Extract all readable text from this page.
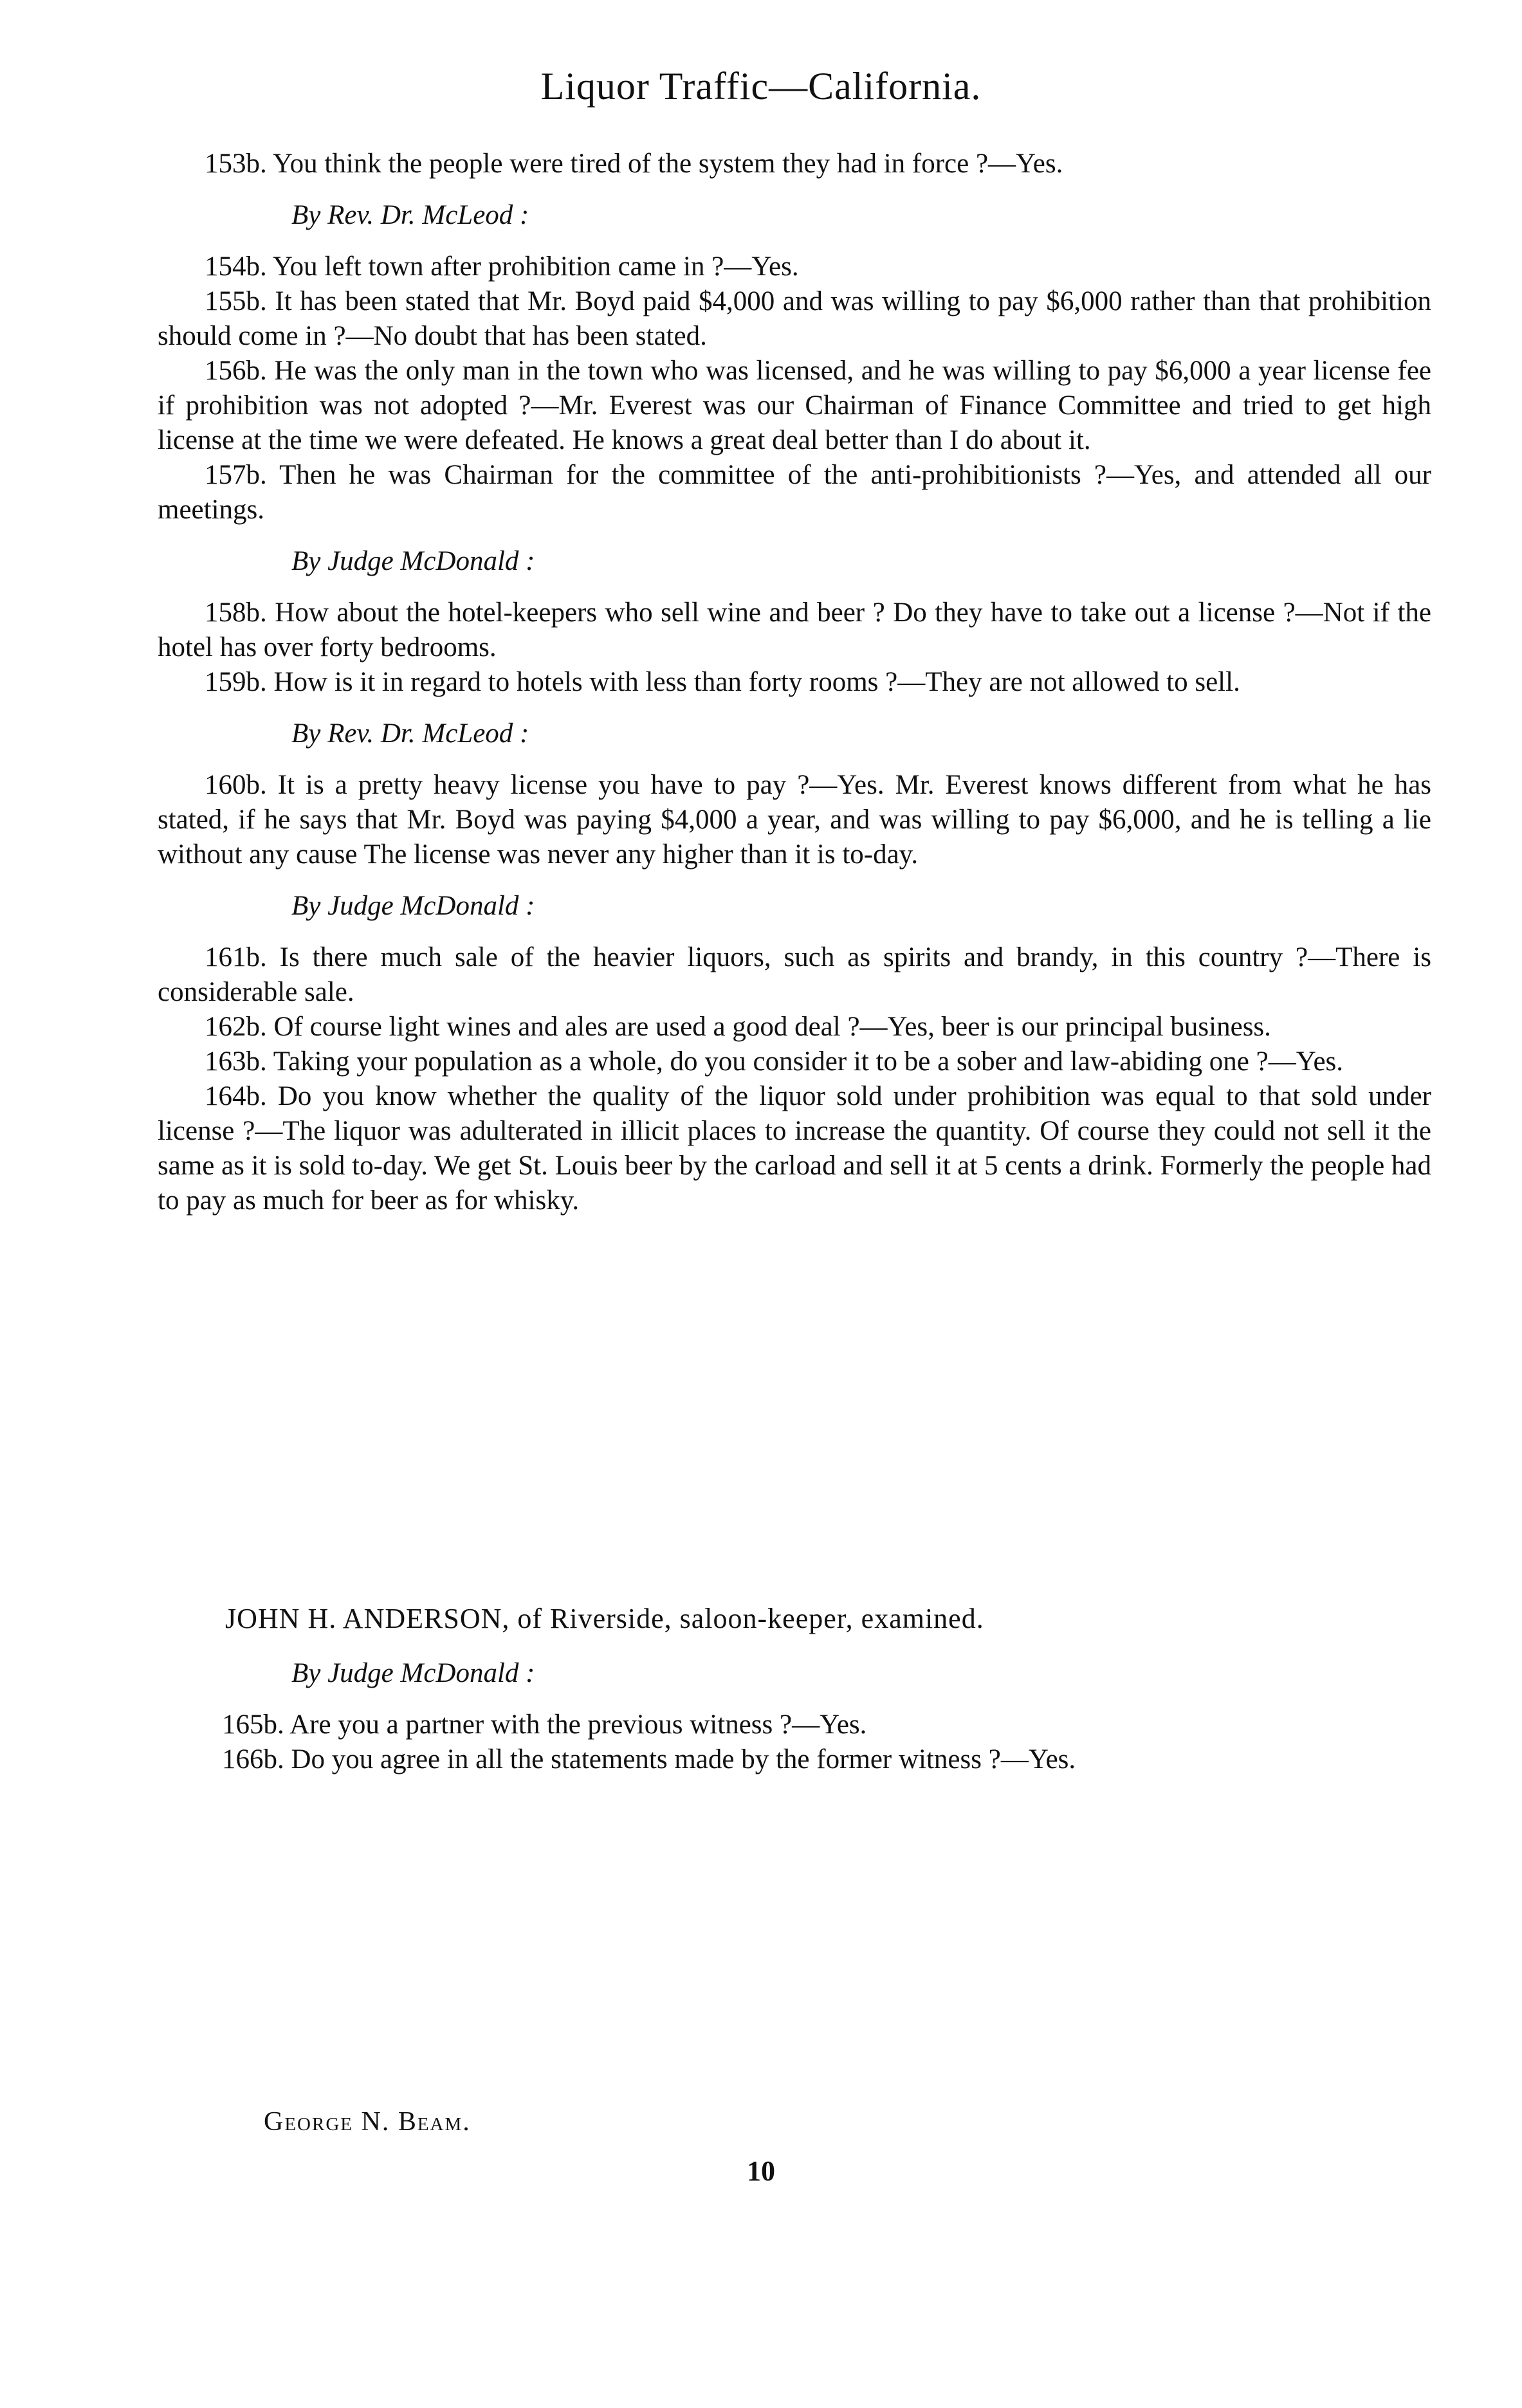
Liquor Traffic—California.

153b. You think the people were tired of the system they had in force ?—Yes.

By Rev. Dr. McLeod :

154b. You left town after prohibition came in ?—Yes.

155b. It has been stated that Mr. Boyd paid $4,000 and was willing to pay $6,000 rather than that prohibition should come in ?—No doubt that has been stated.

156b. He was the only man in the town who was licensed, and he was willing to pay $6,000 a year license fee if prohibition was not adopted ?—Mr. Everest was our Chairman of Finance Committee and tried to get high license at the time we were defeated. He knows a great deal better than I do about it.

157b. Then he was Chairman for the committee of the anti-prohibitionists ?—Yes, and attended all our meetings.

By Judge McDonald :

158b. How about the hotel-keepers who sell wine and beer ? Do they have to take out a license ?—Not if the hotel has over forty bedrooms.

159b. How is it in regard to hotels with less than forty rooms ?—They are not allowed to sell.

By Rev. Dr. McLeod :

160b. It is a pretty heavy license you have to pay ?—Yes. Mr. Everest knows different from what he has stated, if he says that Mr. Boyd was paying $4,000 a year, and was willing to pay $6,000, and he is telling a lie without any cause The license was never any higher than it is to-day.

By Judge McDonald :

161b. Is there much sale of the heavier liquors, such as spirits and brandy, in this country ?—There is considerable sale.

162b. Of course light wines and ales are used a good deal ?—Yes, beer is our principal business.

163b. Taking your population as a whole, do you consider it to be a sober and law-abiding one ?—Yes.

164b. Do you know whether the quality of the liquor sold under prohibition was equal to that sold under license ?—The liquor was adulterated in illicit places to increase the quantity. Of course they could not sell it the same as it is sold to-day. We get St. Louis beer by the carload and sell it at 5 cents a drink. Formerly the people had to pay as much for beer as for whisky.

JOHN H. ANDERSON, of Riverside, saloon-keeper, examined.
By Judge McDonald :

165b. Are you a partner with the previous witness ?—Yes.

166b. Do you agree in all the statements made by the former witness ?—Yes.

George N. Beam.
10
